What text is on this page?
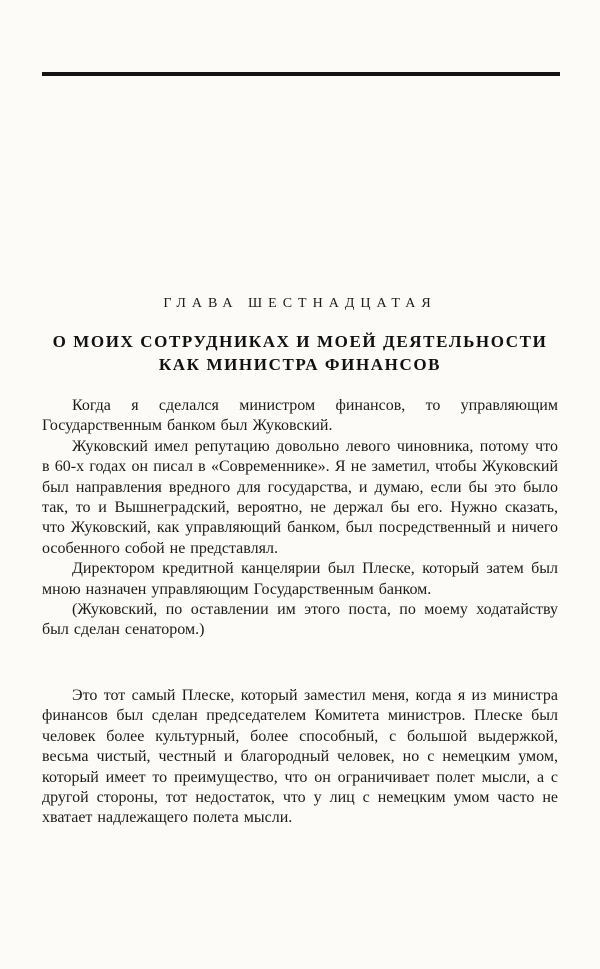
ГЛАВА ШЕСТНАДЦАТАЯ
О МОИХ СОТРУДНИКАХ И МОЕЙ ДЕЯТЕЛЬНОСТИ
КАК МИНИСТРА ФИНАНСОВ

Когда я сделался министром финансов, то управляющим Государственным банком был Жуковский.

Жуковский имел репутацию довольно левого чиновника, потому что в 60-х годах он писал в «Современнике». Я не заметил, чтобы Жуковский был направления вредного для государства, и думаю, если бы это было так, то и Вышнеградский, вероятно, не держал бы его. Нужно сказать, что Жуковский, как управляющий банком, был посредственный и ничего особенного собой не представлял.

Директором кредитной канцелярии был Плеске, который затем был мною назначен управляющим Государственным банком.

(Жуковский, по оставлении им этого поста, по моему ходатайству был сделан сенатором.)

Это тот самый Плеске, который заместил меня, когда я из министра финансов был сделан председателем Комитета министров. Плеске был человек более культурный, более способный, с большой выдержкой, весьма чистый, честный и благородный человек, но с немецким умом, который имеет то преимущество, что он ограничивает полет мысли, а с другой стороны, тот недостаток, что у лиц с немецким умом часто не хватает надлежащего полета мысли.
